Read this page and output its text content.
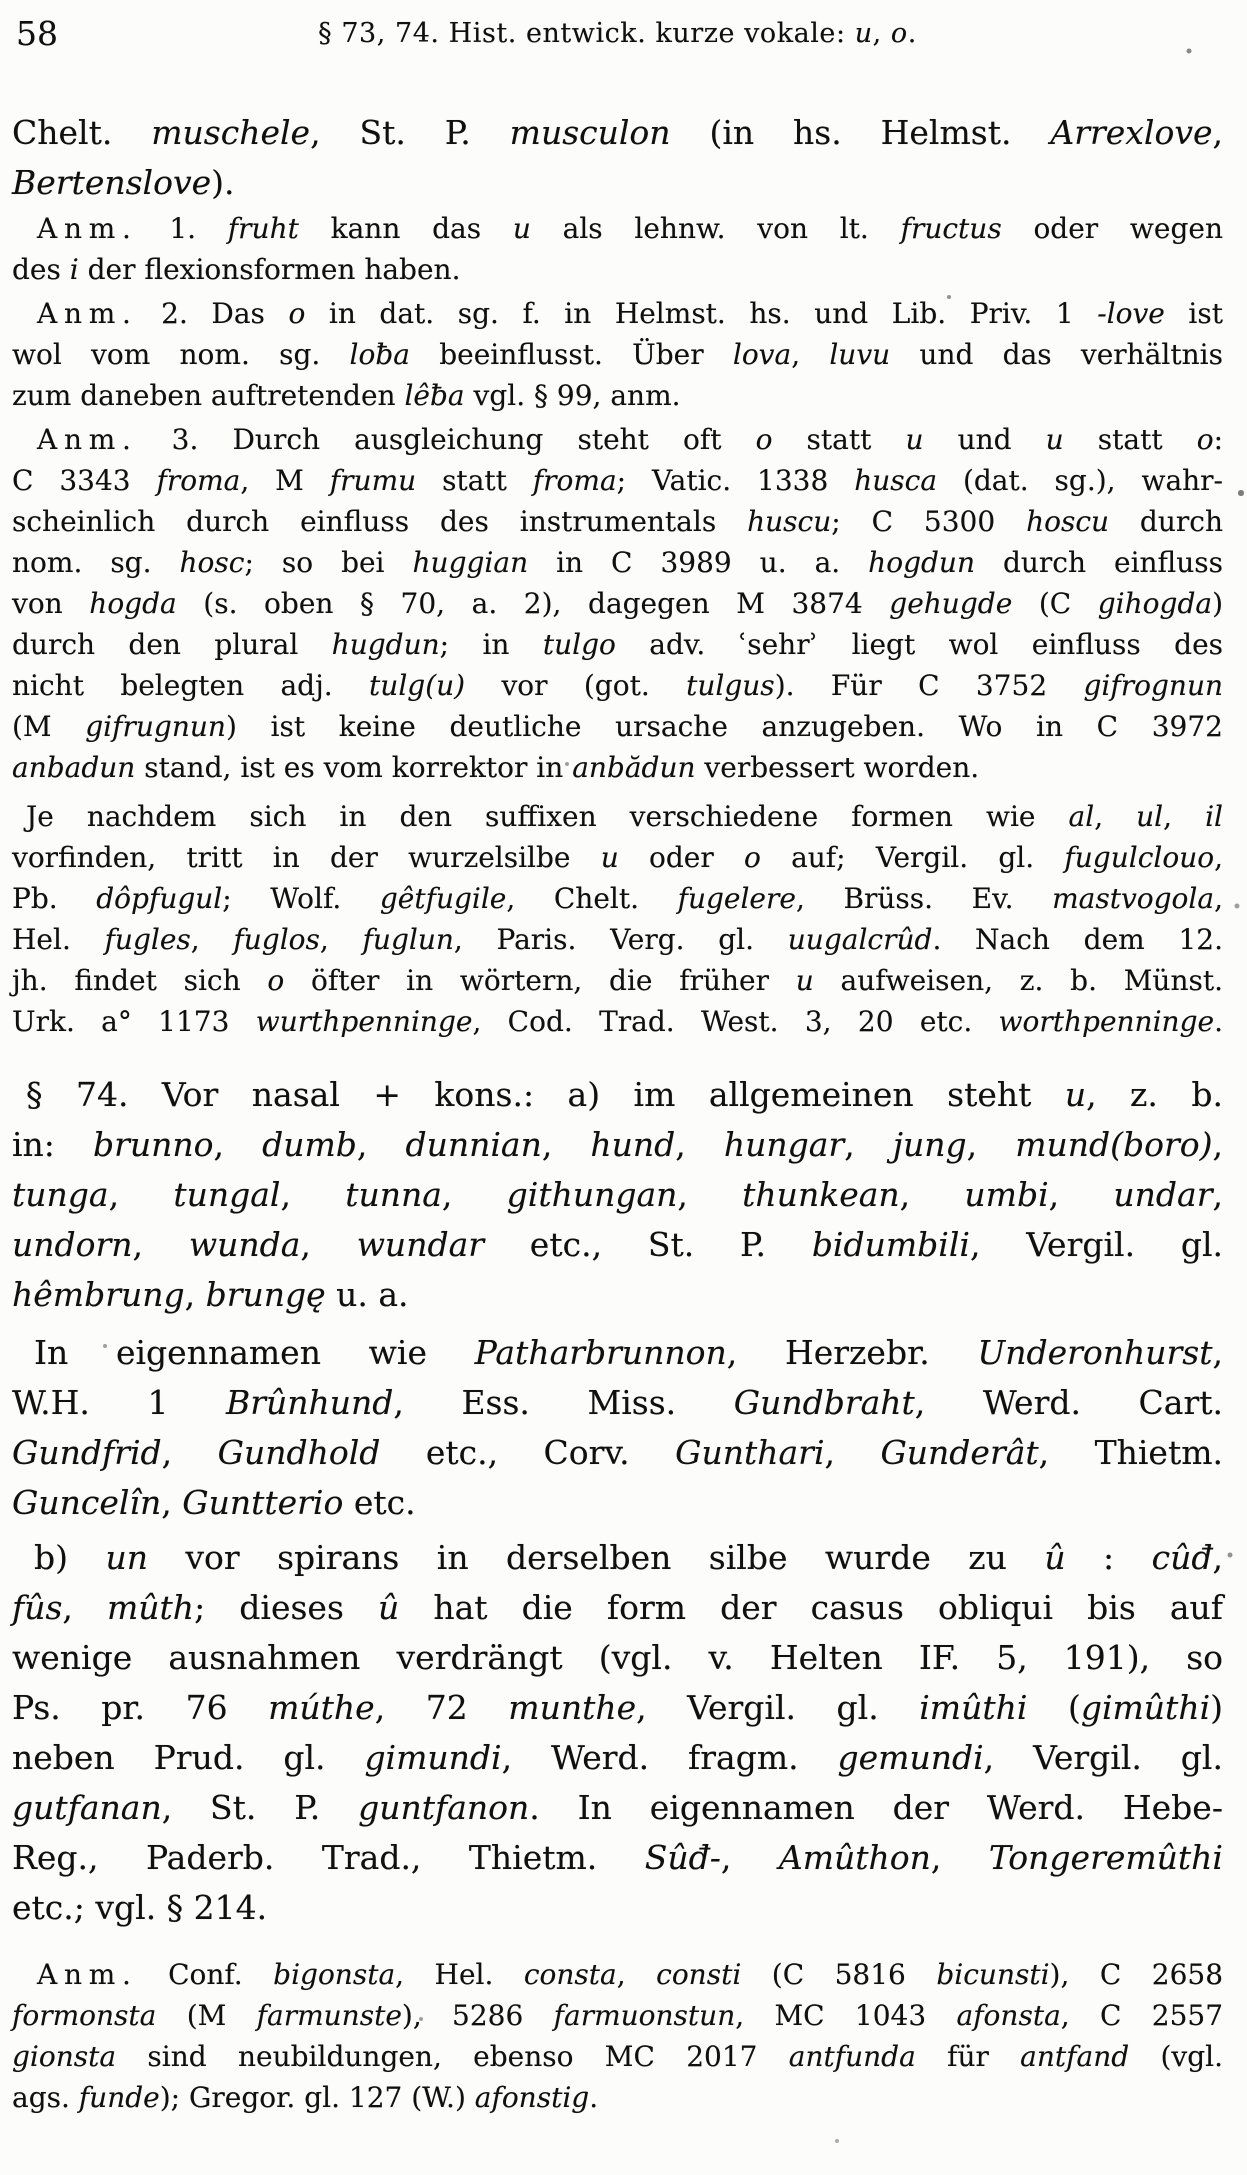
58	§ 73, 74. Hist. entwick. kurze vokale: u, o.
Chelt. muschele, St. P. musculon (in hs. Helmst. Arrexlove,
Bertenslove).
Anm. 1. fruht kann das u als lehnw. von lt. fructus oder wegen
des i der flexionsformen haben.
Anm. 2. Das o in dat. sg. f. in Helmst. hs. und Lib. Priv. 1 -love ist
wol vom nom. sg. loƀa beeinflusst. Über lova, luvu und das verhältnis
zum daneben auftretenden lêƀa vgl. § 99, anm.
Anm. 3. Durch ausgleichung steht oft o statt u und u statt o:
C 3343 froma, M frumu statt froma; Vatic. 1338 husca (dat. sg.), wahr-
scheinlich durch einfluss des instrumentals huscu; C 5300 hoscu durch
nom. sg. hosc; so bei huggian in C 3989 u. a. hogdun durch einfluss
von hogda (s. oben § 70, a. 2), dagegen M 3874 gehugde (C gihogda)
durch den plural hugdun; in tulgo adv. ʿsehrʾ liegt wol einfluss des
nicht belegten adj. tulg(u) vor (got. tulgus). Für C 3752 gifrognun
(M gifrugnun) ist keine deutliche ursache anzugeben. Wo in C 3972
anbadun stand, ist es vom korrektor in anbădun verbessert worden.
Je nachdem sich in den suffixen verschiedene formen wie al, ul, il
vorfinden, tritt in der wurzelsilbe u oder o auf; Vergil. gl. fugulclouo,
Pb. dôpfugul; Wolf. gêtfugile, Chelt. fugelere, Brüss. Ev. mastvogola,
Hel. fugles, fuglos, fuglun, Paris. Verg. gl. uugalcrûd. Nach dem 12.
jh. findet sich o öfter in wörtern, die früher u aufweisen, z. b. Münst.
Urk. a° 1173 wurthpenninge, Cod. Trad. West. 3, 20 etc. worthpenninge.
§ 74. Vor nasal + kons.: a) im allgemeinen steht u, z. b.
in: brunno, dumb, dunnian, hund, hungar, jung, mund(boro),
tunga, tungal, tunna, githungan, thunkean, umbi, undar,
undorn, wunda, wundar etc., St. P. bidumbili, Vergil. gl.
hêmbrung, brungę u. a.
In eigennamen wie Patharbrunnon, Herzebr. Underonhurst,
W.H. 1 Brûnhund, Ess. Miss. Gundbraht, Werd. Cart.
Gundfrid, Gundhold etc., Corv. Gunthari, Gunderât, Thietm.
Guncelîn, Guntterio etc.
b) un vor spirans in derselben silbe wurde zu û : cûđ,
fûs, mûth; dieses û hat die form der casus obliqui bis auf
wenige ausnahmen verdrängt (vgl. v. Helten IF. 5, 191), so
Ps. pr. 76 múthe, 72 munthe, Vergil. gl. imûthi (gimûthi)
neben Prud. gl. gimundi, Werd. fragm. gemundi, Vergil. gl.
gutfanan, St. P. guntfanon. In eigennamen der Werd. Hebe-
Reg., Paderb. Trad., Thietm. Sûđ-, Amûthon, Tongeremûthi
etc.; vgl. § 214.
Anm. Conf. bigonsta, Hel. consta, consti (C 5816 bicunsti), C 2658
formonsta (M farmunste), 5286 farmuonstun, MC 1043 afonsta, C 2557
gionsta sind neubildungen, ebenso MC 2017 antfunda für antfand (vgl.
ags. funde); Gregor. gl. 127 (W.) afonstig.
